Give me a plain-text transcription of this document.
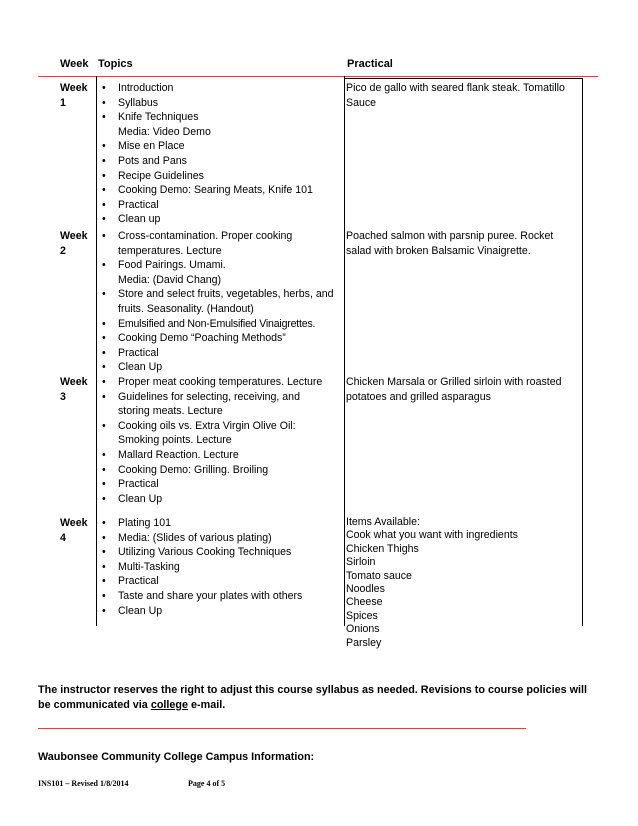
Week Topics	Practical
Week
1
• Introduction
• Syllabus
• Knife Techniques
Media: Video Demo
• Mise en Place
• Pots and Pans
• Recipe Guidelines
• Cooking Demo: Searing Meats, Knife 101
• Practical
• Clean up
Pico de gallo with seared flank steak. Tomatillo Sauce
Week
2
• Cross-contamination. Proper cooking temperatures. Lecture
• Food Pairings. Umami.
Media: (David Chang)
• Store and select fruits, vegetables, herbs, and fruits. Seasonality. (Handout)
• Emulsified and Non-Emulsified Vinaigrettes.
• Cooking Demo “Poaching Methods”
• Practical
• Clean Up
Poached salmon with parsnip puree. Rocket salad with broken Balsamic Vinaigrette.
Week
3
• Proper meat cooking temperatures. Lecture
• Guidelines for selecting, receiving, and storing meats. Lecture
• Cooking oils vs. Extra Virgin Olive Oil: Smoking points. Lecture
• Mallard Reaction. Lecture
• Cooking Demo: Grilling. Broiling
• Practical
• Clean Up
Chicken Marsala or Grilled sirloin with roasted potatoes and grilled asparagus
Week
4
• Plating 101
• Media: (Slides of various plating)
• Utilizing Various Cooking Techniques
• Multi-Tasking
• Practical
• Taste and share your plates with others
• Clean Up
Items Available:
Cook what you want with ingredients
Chicken Thighs
Sirloin
Tomato sauce
Noodles
Cheese
Spices
Onions
Parsley
The instructor reserves the right to adjust this course syllabus as needed. Revisions to course policies will be communicated via college e-mail.
Waubonsee Community College Campus Information:
INS101 – Revised 1/8/2014	Page 4 of 5
